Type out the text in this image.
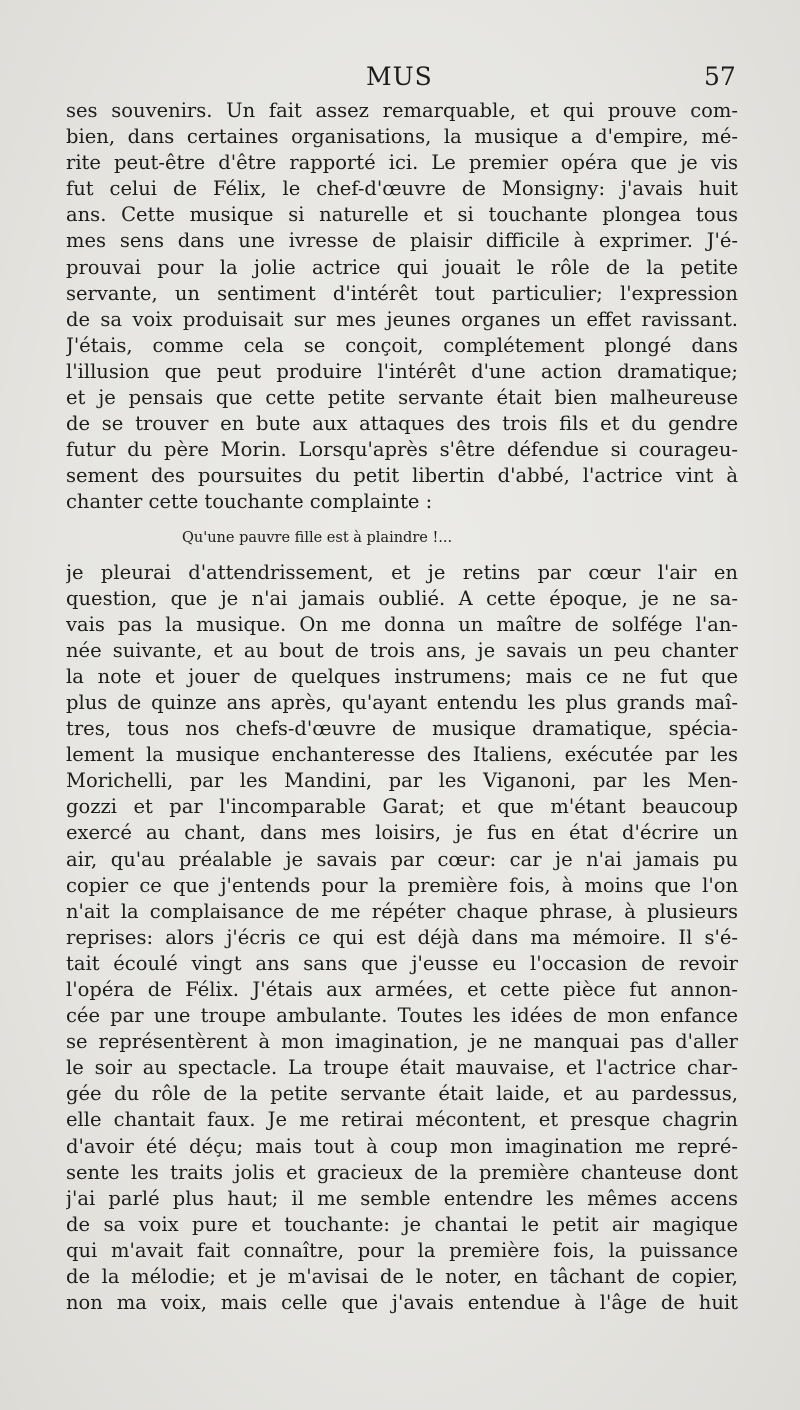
MUS	57
ses souvenirs. Un fait assez remarquable, et qui prouve com-
bien, dans certaines organisations, la musique a d'empire, mé-
rite peut-être d'être rapporté ici. Le premier opéra que je vis
fut celui de Félix, le chef-d'œuvre de Monsigny: j'avais huit
ans. Cette musique si naturelle et si touchante plongea tous
mes sens dans une ivresse de plaisir difficile à exprimer. J'é-
prouvai pour la jolie actrice qui jouait le rôle de la petite
servante, un sentiment d'intérêt tout particulier; l'expression
de sa voix produisait sur mes jeunes organes un effet ravissant.
J'étais, comme cela se conçoit, complétement plongé dans
l'illusion que peut produire l'intérêt d'une action dramatique;
et je pensais que cette petite servante était bien malheureuse
de se trouver en bute aux attaques des trois fils et du gendre
futur du père Morin. Lorsqu'après s'être défendue si courageu-
sement des poursuites du petit libertin d'abbé, l'actrice vint à
chanter cette touchante complainte :
Qu'une pauvre fille est à plaindre !...
je pleurai d'attendrissement, et je retins par cœur l'air en
question, que je n'ai jamais oublié. A cette époque, je ne sa-
vais pas la musique. On me donna un maître de solfége l'an-
née suivante, et au bout de trois ans, je savais un peu chanter
la note et jouer de quelques instrumens; mais ce ne fut que
plus de quinze ans après, qu'ayant entendu les plus grands maî-
tres, tous nos chefs-d'œuvre de musique dramatique, spécia-
lement la musique enchanteresse des Italiens, exécutée par les
Morichelli, par les Mandini, par les Viganoni, par les Men-
gozzi et par l'incomparable Garat; et que m'étant beaucoup
exercé au chant, dans mes loisirs, je fus en état d'écrire un
air, qu'au préalable je savais par cœur: car je n'ai jamais pu
copier ce que j'entends pour la première fois, à moins que l'on
n'ait la complaisance de me répéter chaque phrase, à plusieurs
reprises: alors j'écris ce qui est déjà dans ma mémoire. Il s'é-
tait écoulé vingt ans sans que j'eusse eu l'occasion de revoir
l'opéra de Félix. J'étais aux armées, et cette pièce fut annon-
cée par une troupe ambulante. Toutes les idées de mon enfance
se représentèrent à mon imagination, je ne manquai pas d'aller
le soir au spectacle. La troupe était mauvaise, et l'actrice char-
gée du rôle de la petite servante était laide, et au pardessus,
elle chantait faux. Je me retirai mécontent, et presque chagrin
d'avoir été déçu; mais tout à coup mon imagination me repré-
sente les traits jolis et gracieux de la première chanteuse dont
j'ai parlé plus haut; il me semble entendre les mêmes accens
de sa voix pure et touchante: je chantai le petit air magique
qui m'avait fait connaître, pour la première fois, la puissance
de la mélodie; et je m'avisai de le noter, en tâchant de copier,
non ma voix, mais celle que j'avais entendue à l'âge de huit
